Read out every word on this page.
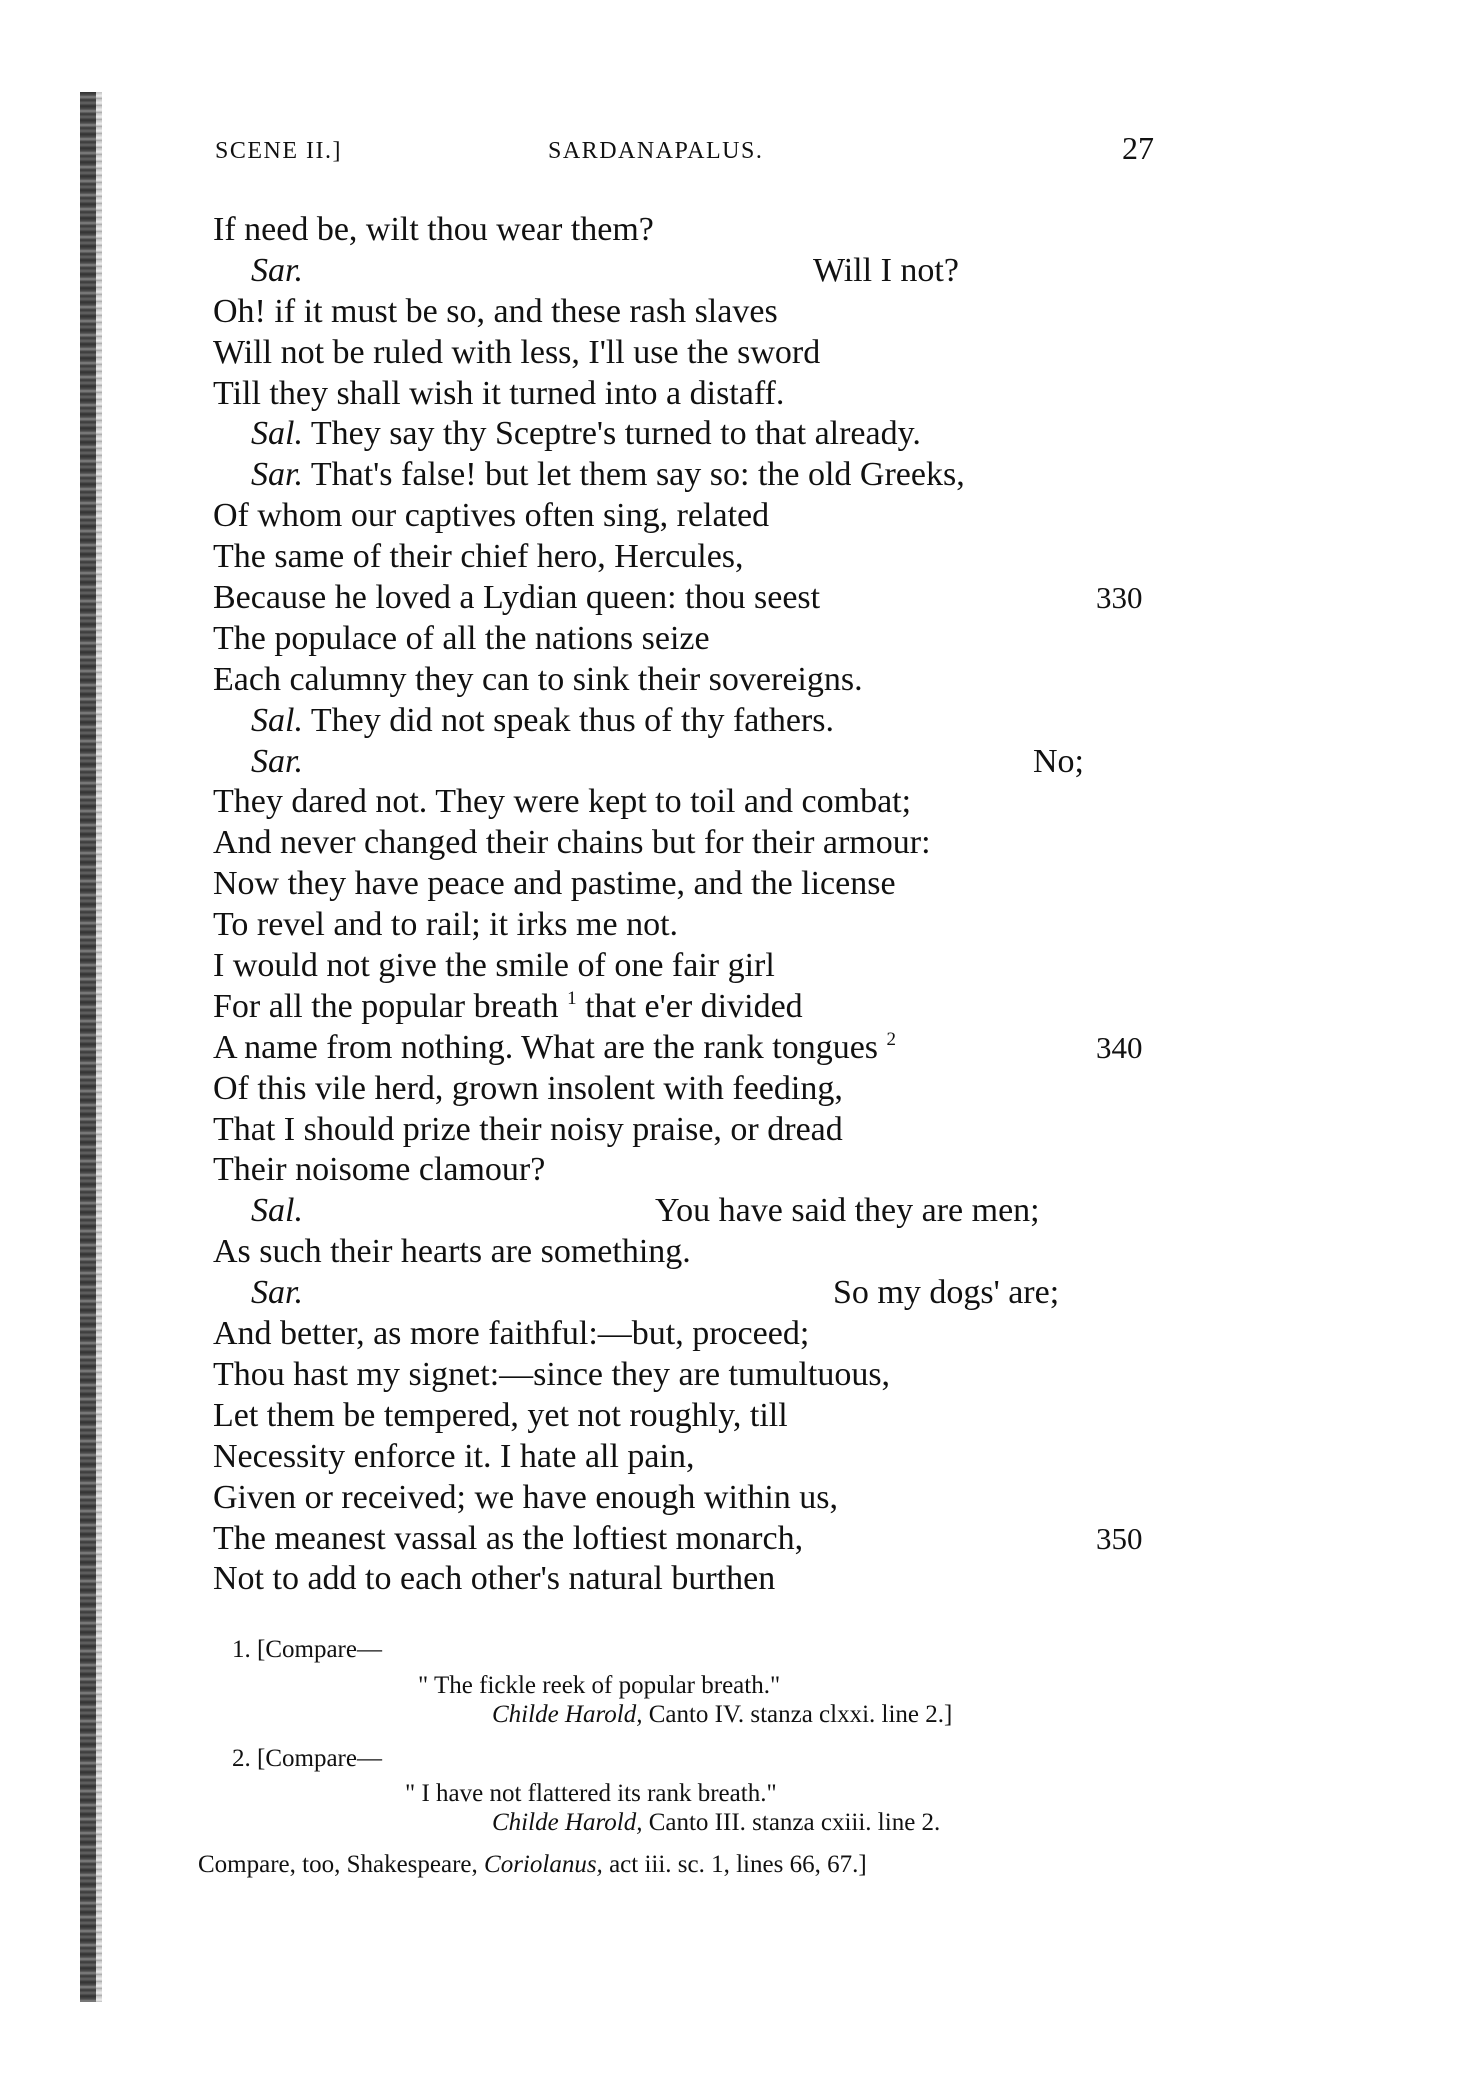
SCENE II.]	SARDANAPALUS.	27
If need be, wilt thou wear them?
Sar.	Will I not?
Oh! if it must be so, and these rash slaves
Will not be ruled with less, I'll use the sword
Till they shall wish it turned into a distaff.
Sal. They say thy Sceptre's turned to that already.
Sar. That's false! but let them say so: the old Greeks,
Of whom our captives often sing, related
The same of their chief hero, Hercules,
Because he loved a Lydian queen: thou seest	330
The populace of all the nations seize
Each calumny they can to sink their sovereigns.
Sal. They did not speak thus of thy fathers.
Sar.	No;
They dared not. They were kept to toil and combat;
And never changed their chains but for their armour:
Now they have peace and pastime, and the license
To revel and to rail; it irks me not.
I would not give the smile of one fair girl
For all the popular breath $^1$ that e'er divided
A name from nothing. What are the rank tongues $^2$	340
Of this vile herd, grown insolent with feeding,
That I should prize their noisy praise, or dread
Their noisome clamour?
Sal.	You have said they are men;
As such their hearts are something.
Sar.	So my dogs' are;
And better, as more faithful:—but, proceed;
Thou hast my signet:—since they are tumultuous,
Let them be tempered, yet not roughly, till
Necessity enforce it. I hate all pain,
Given or received; we have enough within us,
The meanest vassal as the loftiest monarch,	350
Not to add to each other's natural burthen
1. [Compare—
" The fickle reek of popular breath."
Childe Harold, Canto IV. stanza clxxi. line 2.]
2. [Compare—
" I have not flattered its rank breath."
Childe Harold, Canto III. stanza cxiii. line 2.
Compare, too, Shakespeare, Coriolanus, act iii. sc. 1, lines 66, 67.]
